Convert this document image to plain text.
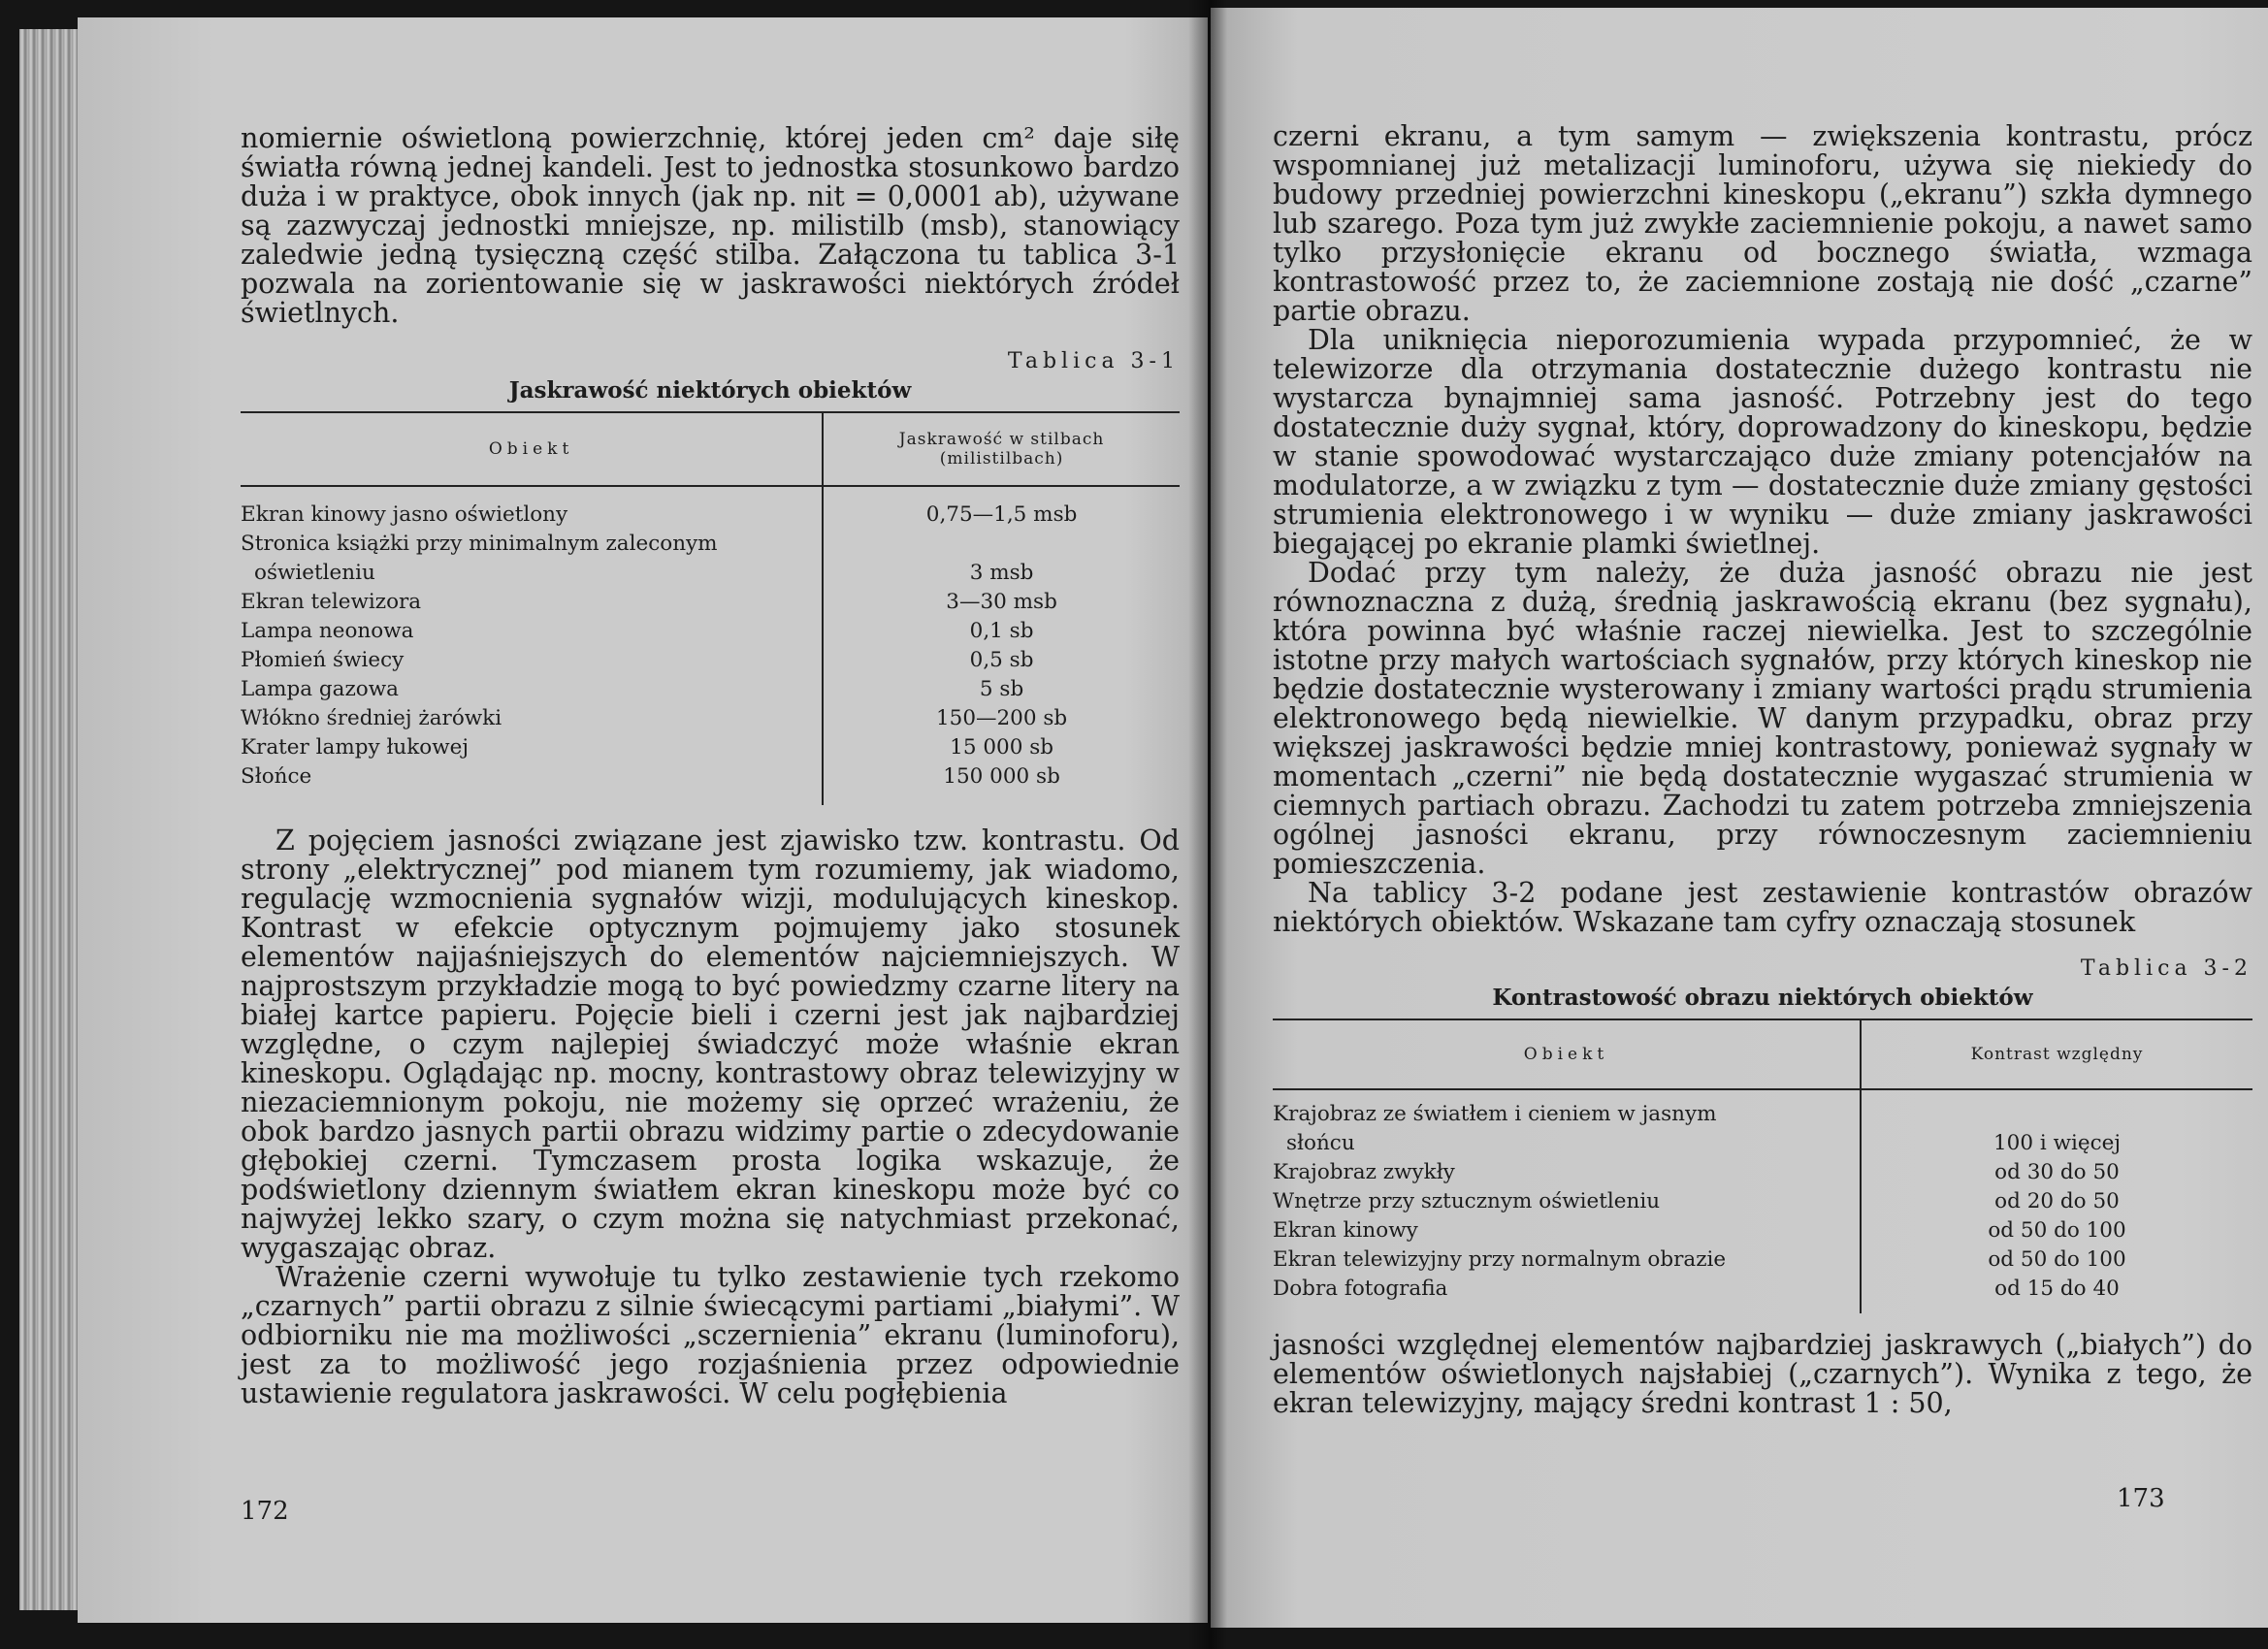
nomiernie oświetloną powierzchnię, której jeden cm² daje siłę światła równą jednej kandeli. Jest to jednostka stosunkowo bardzo duża i w praktyce, obok innych (jak np. nit = 0,0001 ab), używane są zazwyczaj jednostki mniejsze, np. milistilb (msb), stanowiący zaledwie jedną tysięczną część stilba. Załączona tu tablica 3-1 pozwala na zorientowanie się w jaskrawości niektórych źródeł świetlnych.

Tablica 3-1

Jaskrawość niektórych obiektów

Obiekt	Jaskrawość w stilbach
(milistilbach)

Ekran kinowy jasno oświetlony	0,75—1,5 msb
Stronica książki przy minimalnym zaleconym	
oświetleniu	3 msb
Ekran telewizora	3—30 msb
Lampa neonowa	0,1 sb
Płomień świecy	0,5 sb
Lampa gazowa	5 sb
Włókno średniej żarówki	150—200 sb
Krater lampy łukowej	15 000 sb
Słońce	150 000 sb

Z pojęciem jasności związane jest zjawisko tzw. kontrastu. Od strony „elektrycznej” pod mianem tym rozumiemy, jak wiadomo, regulację wzmocnienia sygnałów wizji, modulujących kineskop. Kontrast w efekcie optycznym pojmujemy jako stosunek elementów najjaśniejszych do elementów najciemniejszych. W najprostszym przykładzie mogą to być powiedzmy czarne litery na białej kartce papieru. Pojęcie bieli i czerni jest jak najbardziej względne, o czym najlepiej świadczyć może właśnie ekran kineskopu. Oglądając np. mocny, kontrastowy obraz telewizyjny w niezaciemnionym pokoju, nie możemy się oprzeć wrażeniu, że obok bardzo jasnych partii obrazu widzimy partie o zdecydowanie głębokiej czerni. Tymczasem prosta logika wskazuje, że podświetlony dziennym światłem ekran kineskopu może być co najwyżej lekko szary, o czym można się natychmiast przekonać, wygaszając obraz.

Wrażenie czerni wywołuje tu tylko zestawienie tych rzekomo „czarnych” partii obrazu z silnie świecącymi partiami „białymi”. W odbiorniku nie ma możliwości „sczernienia” ekranu (luminoforu), jest za to możliwość jego rozjaśnienia przez odpowiednie ustawienie regulatora jaskrawości. W celu pogłębienia

172

czerni ekranu, a tym samym — zwiększenia kontrastu, prócz wspomnianej już metalizacji luminoforu, używa się niekiedy do budowy przedniej powierzchni kineskopu („ekranu”) szkła dymnego lub szarego. Poza tym już zwykłe zaciemnienie pokoju, a nawet samo tylko przysłonięcie ekranu od bocznego światła, wzmaga kontrastowość przez to, że zaciemnione zostają nie dość „czarne” partie obrazu.

Dla uniknięcia nieporozumienia wypada przypomnieć, że w telewizorze dla otrzymania dostatecznie dużego kontrastu nie wystarcza bynajmniej sama jasność. Potrzebny jest do tego dostatecznie duży sygnał, który, doprowadzony do kineskopu, będzie w stanie spowodować wystarczająco duże zmiany potencjałów na modulatorze, a w związku z tym — dostatecznie duże zmiany gęstości strumienia elektronowego i w wyniku — duże zmiany jaskrawości biegającej po ekranie plamki świetlnej.

Dodać przy tym należy, że duża jasność obrazu nie jest równoznaczna z dużą, średnią jaskrawością ekranu (bez sygnału), która powinna być właśnie raczej niewielka. Jest to szczególnie istotne przy małych wartościach sygnałów, przy których kineskop nie będzie dostatecznie wysterowany i zmiany wartości prądu strumienia elektronowego będą niewielkie. W danym przypadku, obraz przy większej jaskrawości będzie mniej kontrastowy, ponieważ sygnały w momentach „czerni” nie będą dostatecznie wygaszać strumienia w ciemnych partiach obrazu. Zachodzi tu zatem potrzeba zmniejszenia ogólnej jasności ekranu, przy równoczesnym zaciemnieniu pomieszczenia.

Na tablicy 3-2 podane jest zestawienie kontrastów obrazów niektórych obiektów. Wskazane tam cyfry oznaczają stosunek

Tablica 3-2

Kontrastowość obrazu niektórych obiektów

Obiekt	Kontrast względny

Krajobraz ze światłem i cieniem w jasnym	
słońcu	100 i więcej
Krajobraz zwykły	od 30 do 50
Wnętrze przy sztucznym oświetleniu	od 20 do 50
Ekran kinowy	od 50 do 100
Ekran telewizyjny przy normalnym obrazie	od 50 do 100
Dobra fotografia	od 15 do 40

jasności względnej elementów najbardziej jaskrawych („białych”) do elementów oświetlonych najsłabiej („czarnych”). Wynika z tego, że ekran telewizyjny, mający średni kontrast 1 : 50,

173
